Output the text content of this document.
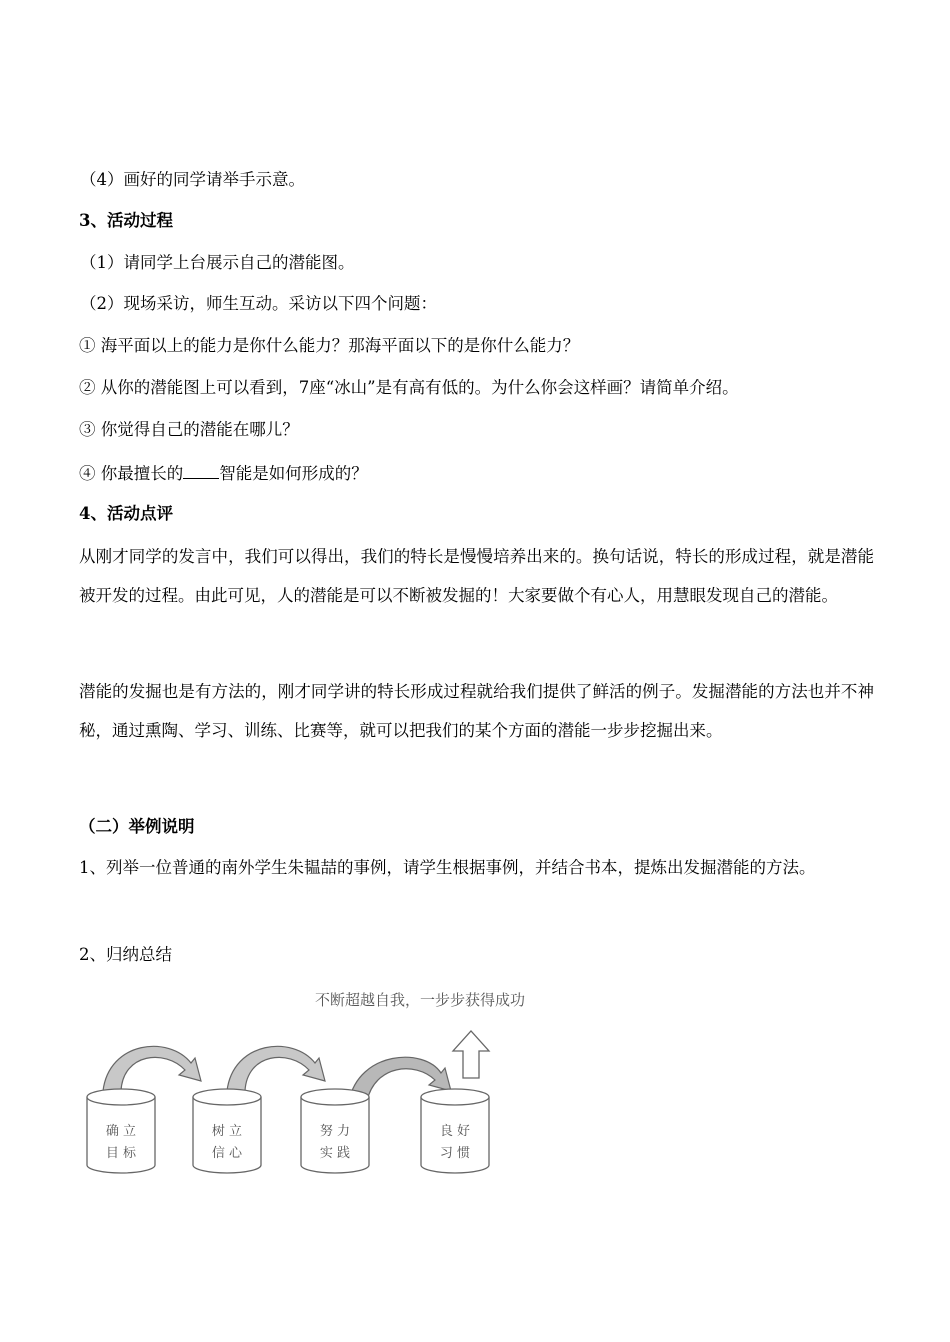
（4）画好的同学请举手示意。
3、活动过程
（1）请同学上台展示自己的潜能图。
（2）现场采访，师生互动。采访以下四个问题：
① 海平面以上的能力是你什么能力？那海平面以下的是你什么能力？
② 从你的潜能图上可以看到，7座“冰山”是有高有低的。为什么你会这样画？请简单介绍。
③ 你觉得自己的潜能在哪儿？
④ 你最擅长的 智能是如何形成的？
4、活动点评
从刚才同学的发言中，我们可以得出，我们的特长是慢慢培养出来的。换句话说，特长的形成过程，就是潜能被开发的过程。由此可见，人的潜能是可以不断被发掘的！大家要做个有心人，用慧眼发现自己的潜能。
潜能的发掘也是有方法的，刚才同学讲的特长形成过程就给我们提供了鲜活的例子。发掘潜能的方法也并不神秘，通过熏陶、学习、训练、比赛等，就可以把我们的某个方面的潜能一步步挖掘出来。
（二）举例说明
1、列举一位普通的南外学生朱韫喆的事例，请学生根据事例，并结合书本，提炼出发掘潜能的方法。
2、归纳总结
不断超越自我，一步步获得成功
确 立
目 标
树 立
信 心
努 力
实 践
良 好
习 惯
